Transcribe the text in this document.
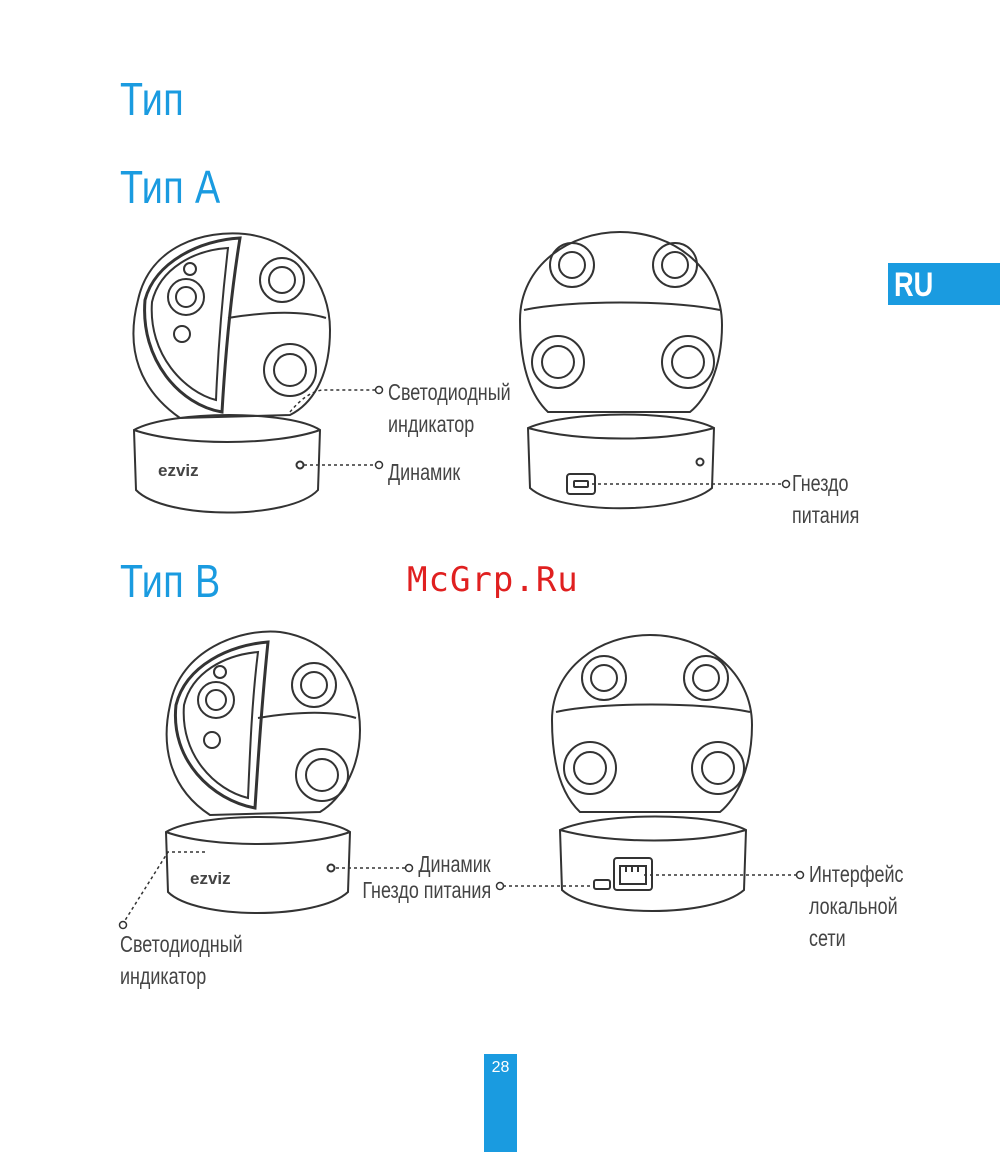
Тип
Тип A
Тип B
RU
McGrp.Ru
ezviz
ezviz
Светодиодный
индикатор
Динамик	Гнездо
питания
Динамик
Гнездо питания
Светодиодный
индикатор
Интерфейс
локальной
сети
28
